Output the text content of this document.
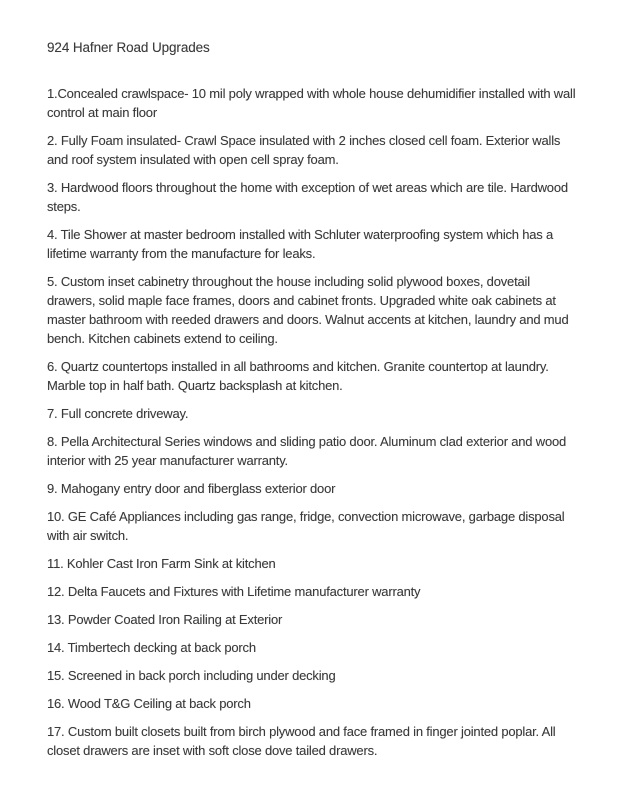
924 Hafner Road Upgrades

1.Concealed crawlspace- 10 mil poly wrapped with whole house dehumidifier installed with wall control at main floor

2. Fully Foam insulated- Crawl Space insulated with 2 inches closed cell foam. Exterior walls and roof system insulated with open cell spray foam.

3. Hardwood floors throughout the home with exception of wet areas which are tile. Hardwood steps.

4. Tile Shower at master bedroom installed with Schluter waterproofing system which has a lifetime warranty from the manufacture for leaks.

5. Custom inset cabinetry throughout the house including solid plywood boxes, dovetail drawers, solid maple face frames, doors and cabinet fronts. Upgraded white oak cabinets at master bathroom with reeded drawers and doors. Walnut accents at kitchen, laundry and mud bench. Kitchen cabinets extend to ceiling.

6. Quartz countertops installed in all bathrooms and kitchen. Granite countertop at laundry. Marble top in half bath. Quartz backsplash at kitchen.

7. Full concrete driveway.

8. Pella Architectural Series windows and sliding patio door. Aluminum clad exterior and wood interior with 25 year manufacturer warranty.

9. Mahogany entry door and fiberglass exterior door

10. GE Café Appliances including gas range, fridge, convection microwave, garbage disposal with air switch.

11. Kohler Cast Iron Farm Sink at kitchen

12. Delta Faucets and Fixtures with Lifetime manufacturer warranty

13. Powder Coated Iron Railing at Exterior

14. Timbertech decking at back porch

15. Screened in back porch including under decking

16. Wood T&G Ceiling at back porch

17. Custom built closets built from birch plywood and face framed in finger jointed poplar. All closet drawers are inset with soft close dove tailed drawers.
